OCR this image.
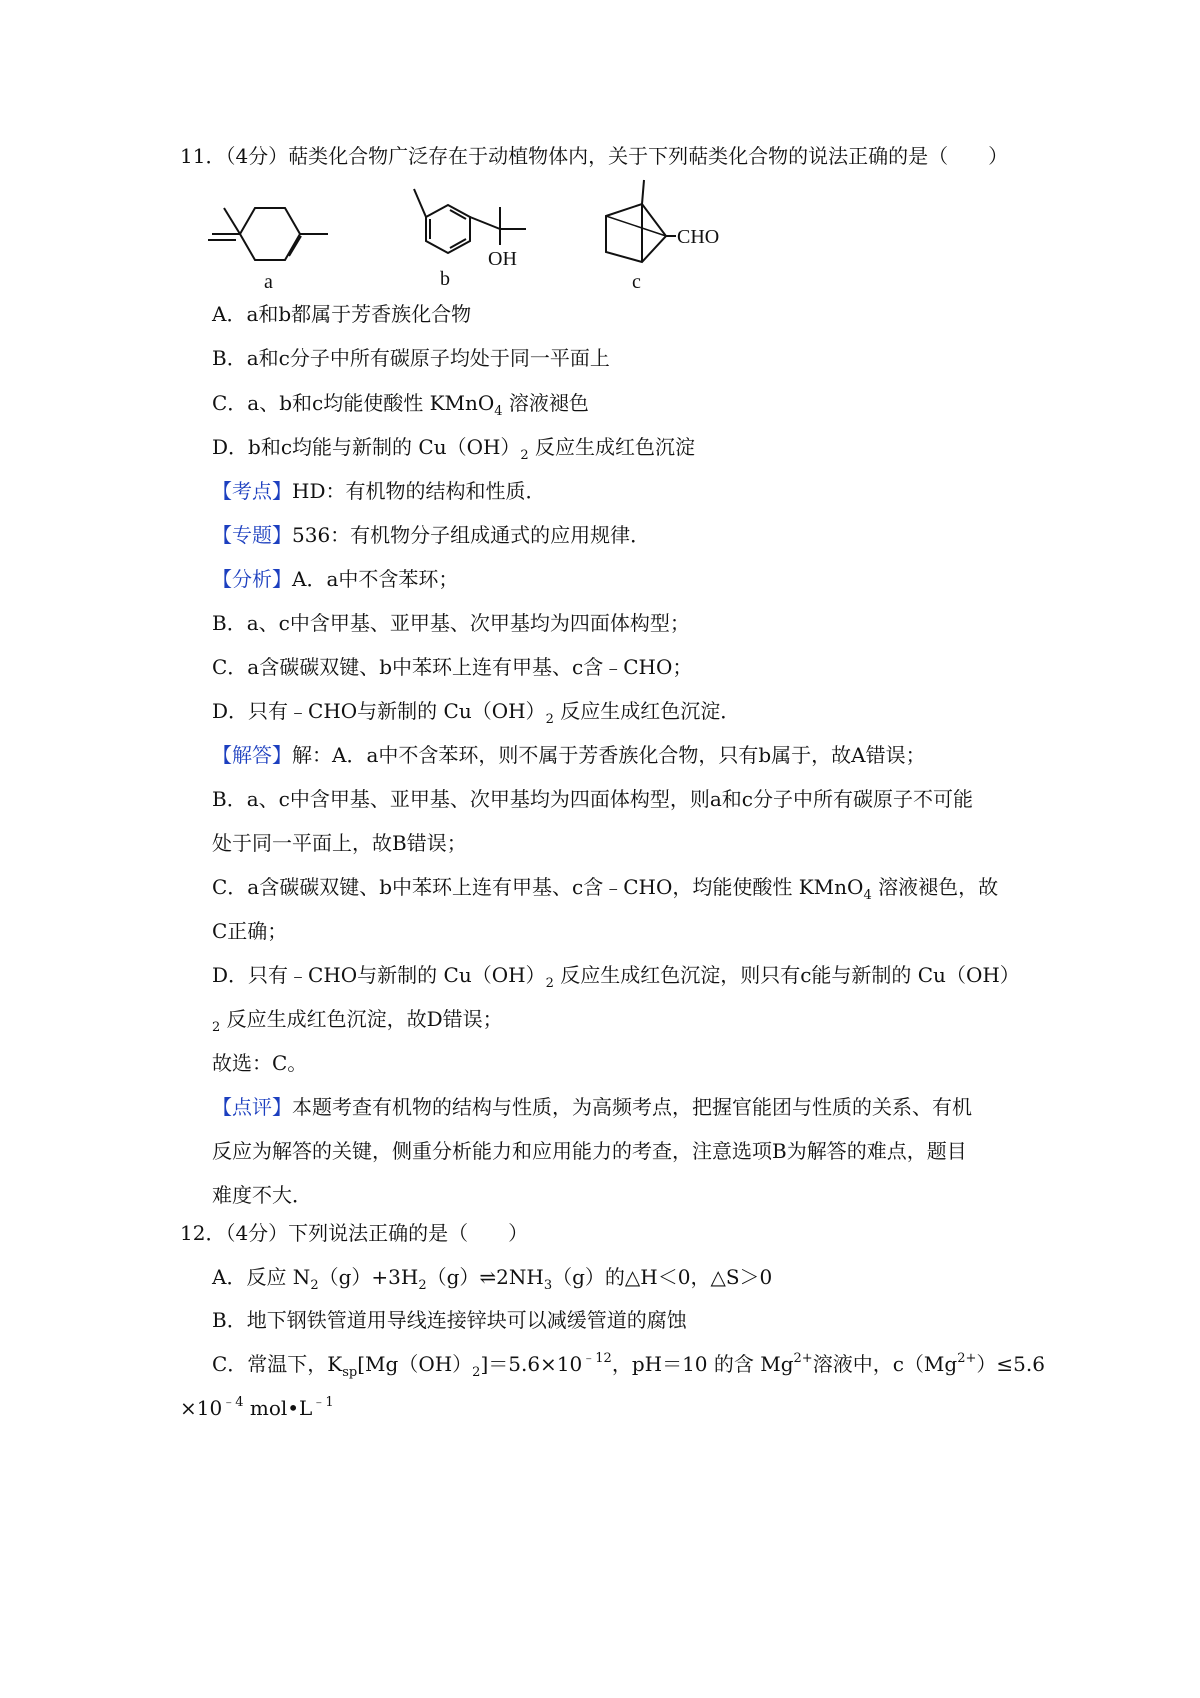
11．（4分）萜类化合物广泛存在于动植物体内，关于下列萜类化合物的说法正确的是（　　）
a
OH
b
CHO
c
A．a和b都属于芳香族化合物
B．a和c分子中所有碳原子均处于同一平面上
C．a、b和c均能使酸性 KMnO$_4$ 溶液褪色
D．b和c均能与新制的 $Cu(OH)_2$ 反应生成红色沉淀
【考点】HD：有机物的结构和性质．
【专题】536：有机物分子组成通式的应用规律．
【分析】A．a中不含苯环；
B．a、c中含甲基、亚甲基、次甲基均为四面体构型；
C．a含碳碳双键、b中苯环上连有甲基、c含﹣CHO；
D．只有﹣CHO与新制的 $Cu(OH)_2$ 反应生成红色沉淀．
【解答】解：A．a中不含苯环，则不属于芳香族化合物，只有b属于，故A错误；
B．a、c中含甲基、亚甲基、次甲基均为四面体构型，则a和c分子中所有碳原子不可能
处于同一平面上，故B错误；
C．a含碳碳双键、b中苯环上连有甲基、c含﹣CHO，均能使酸性 KMnO$_4$ 溶液褪色，故
C正确；
D．只有﹣CHO与新制的 $Cu(OH)_2$ 反应生成红色沉淀，则只有c能与新制的 Cu（OH）
$_2$ 反应生成红色沉淀，故D错误；
故选：C。
【点评】本题考查有机物的结构与性质，为高频考点，把握官能团与性质的关系、有机
反应为解答的关键，侧重分析能力和应用能力的考查，注意选项B为解答的难点，题目
难度不大．
12．（4分）下列说法正确的是（　　）
A．反应 $N_2(g)+3H_2(g)\rightleftharpoons 2NH_3(g)$的△H＜0，△S＞0
B．地下钢铁管道用导线连接锌块可以减缓管道的腐蚀
C．常温下，$K_{sp}[Mg(OH)_2]=5.6\times 10^{﹣12}$，pH＝10 的含 $Mg^{2+}$溶液中，$c(Mg^{2+})\le 5.6$
$\times 10^{﹣4}$ $mol•L^{﹣1}$
